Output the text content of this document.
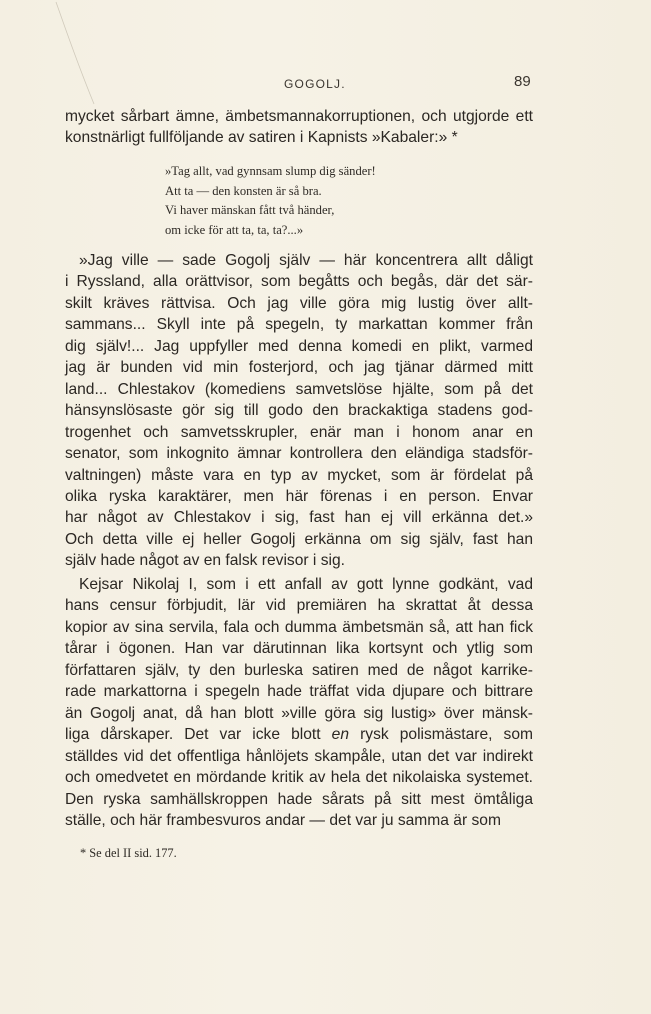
GOGOLJ.	89
mycket sårbart ämne, ämbetsmannakorruptionen, och utgjorde ett
konstnärligt fullföljande av satiren i Kapnists »Kabaler:» *
»Tag allt, vad gynnsam slump dig sänder!
Att ta — den konsten är så bra.
Vi haver mänskan fått två händer,
om icke för att ta, ta, ta?...»
»Jag ville — sade Gogolj själv — här koncentrera allt dåligt
i Ryssland, alla orättvisor, som begåtts och begås, där det sär-
skilt kräves rättvisa. Och jag ville göra mig lustig över allt-
sammans... Skyll inte på spegeln, ty markattan kommer från
dig själv!... Jag uppfyller med denna komedi en plikt, varmed
jag är bunden vid min fosterjord, och jag tjänar därmed mitt
land... Chlestakov (komediens samvetslöse hjälte, som på det
hänsynslösaste gör sig till godo den brackaktiga stadens god-
trogenhet och samvetsskrupler, enär man i honom anar en
senator, som inkognito ämnar kontrollera den eländiga stadsför-
valtningen) måste vara en typ av mycket, som är fördelat på
olika ryska karaktärer, men här förenas i en person. Envar
har något av Chlestakov i sig, fast han ej vill erkänna det.»
Och detta ville ej heller Gogolj erkänna om sig själv, fast han
själv hade något av en falsk revisor i sig.
Kejsar Nikolaj I, som i ett anfall av gott lynne godkänt, vad
hans censur förbjudit, lär vid premiären ha skrattat åt dessa
kopior av sina servila, fala och dumma ämbetsmän så, att han fick
tårar i ögonen. Han var därutinnan lika kortsynt och ytlig som
författaren själv, ty den burleska satiren med de något karrike-
rade markattorna i spegeln hade träffat vida djupare och bittrare
än Gogolj anat, då han blott »ville göra sig lustig» över mänsk-
liga dårskaper. Det var icke blott en rysk polismästare, som
ställdes vid det offentliga hånlöjets skampåle, utan det var indirekt
och omedvetet en mördande kritik av hela det nikolaiska systemet.
Den ryska samhällskroppen hade sårats på sitt mest ömtåliga
ställe, och här frambesvuros andar — det var ju samma är som
* Se del II sid. 177.
